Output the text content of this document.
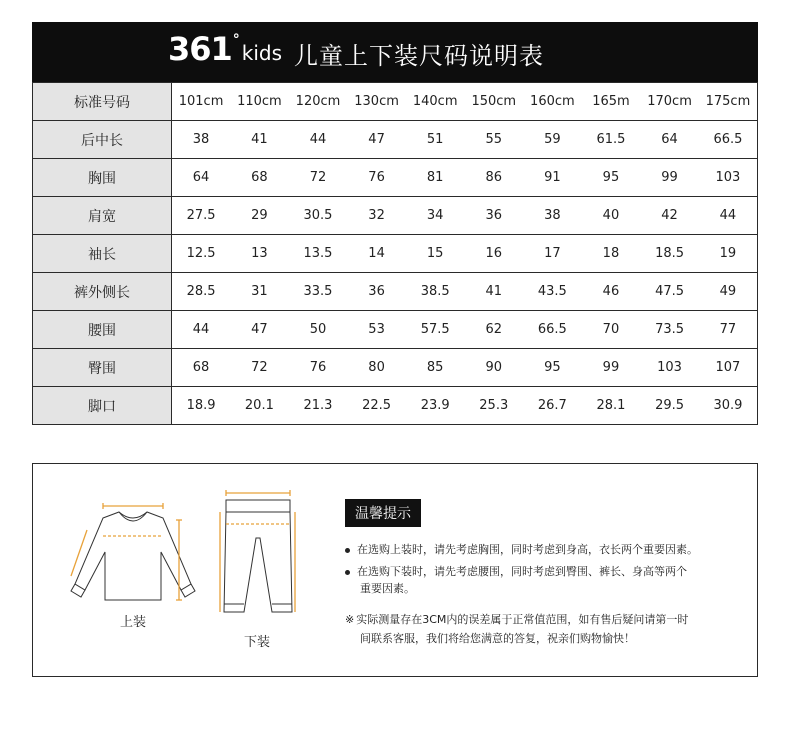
361 °
kids 儿童上下装尺码说明表
标准号码	101cm	110cm	120cm	130cm	140cm	150cm	160cm	165m	170cm	175cm
后中长	38	41	44	47	51	55	59	61.5	64	66.5
胸围	64	68	72	76	81	86	91	95	99	103
肩宽	27.5	29	30.5	32	34	36	38	40	42	44
袖长	12.5	13	13.5	14	15	16	17	18	18.5	19
裤外侧长	28.5	31	33.5	36	38.5	41	43.5	46	47.5	49
腰围	44	47	50	53	57.5	62	66.5	70	73.5	77
臀围	68	72	76	80	85	90	95	99	103	107
脚口	18.9	20.1	21.3	22.5	23.9	25.3	26.7	28.1	29.5	30.9
上装
下装
温馨提示
在选购上装时，请先考虑胸围，同时考虑到身高，衣长两个重要因素。
在选购下装时，请先考虑腰围，同时考虑到臀围、裤长、身高等两个
重要因素。
※ 实际测量存在3CM内的误差属于正常值范围，如有售后疑问请第一时
间联系客服，我们将给您满意的答复，祝亲们购物愉快！
